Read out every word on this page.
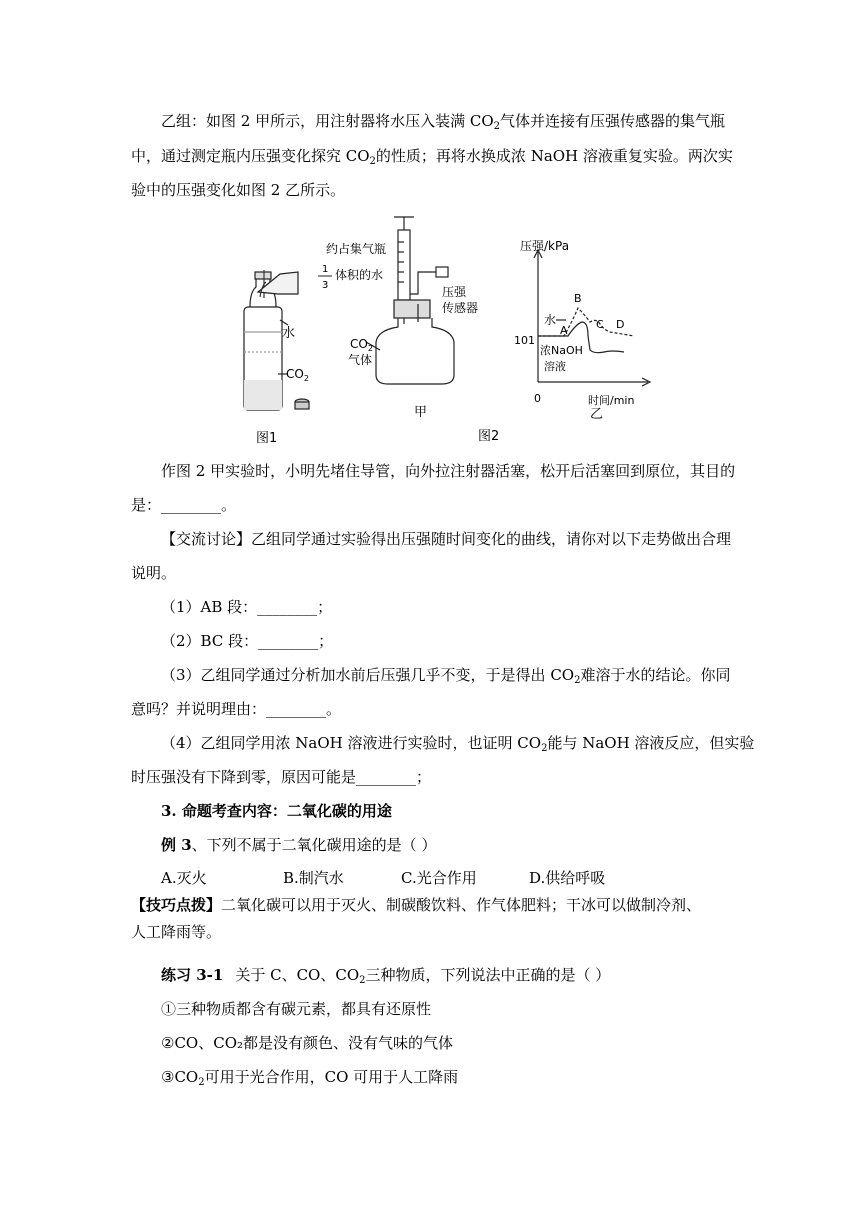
乙组：如图 2 甲所示，用注射器将水压入装满 $CO_2$气体并连接有压强传感器的集气瓶
中，通过测定瓶内压强变化探究 $CO_2$的性质；再将水换成浓 NaOH 溶液重复实验。两次实
验中的压强变化如图 2 乙所示。
水
$CO_2$
图1
约占集气瓶
1
3
体积的水
压强
传感器
$CO_2$
气体
甲
图2
压强/kPa
时间/min
0
101
A
B
C D
水
浓NaOH
溶液
乙
作图 2 甲实验时，小明先堵住导管，向外拉注射器活塞，松开后活塞回到原位，其目的
是：________。
【交流讨论】乙组同学通过实验得出压强随时间变化的曲线，请你对以下走势做出合理
说明。
（1）AB 段：________；
（2）BC 段：________；
（3）乙组同学通过分析加水前后压强几乎不变，于是得出 $CO_2$难溶于水的结论。你同
意吗？并说明理由：________。
（4）乙组同学用浓 NaOH 溶液进行实验时，也证明 $CO_2$能与 NaOH 溶液反应，但实验
时压强没有下降到零，原因可能是________；
3. 命题考查内容：二氧化碳的用途
例 3、下列不属于二氧化碳用途的是（ ）
A.灭火	B.制汽水	C.光合作用	D.供给呼吸
【技巧点拨】二氧化碳可以用于灭火、制碳酸饮料、作气体肥料；干冰可以做制冷剂、
人工降雨等。
练习 3-1 关于 C、CO、$CO_2$三种物质，下列说法中正确的是（ ）
①三种物质都含有碳元素，都具有还原性
②CO、CO₂都是没有颜色、没有气味的气体
$③CO_2$可用于光合作用，CO 可用于人工降雨
